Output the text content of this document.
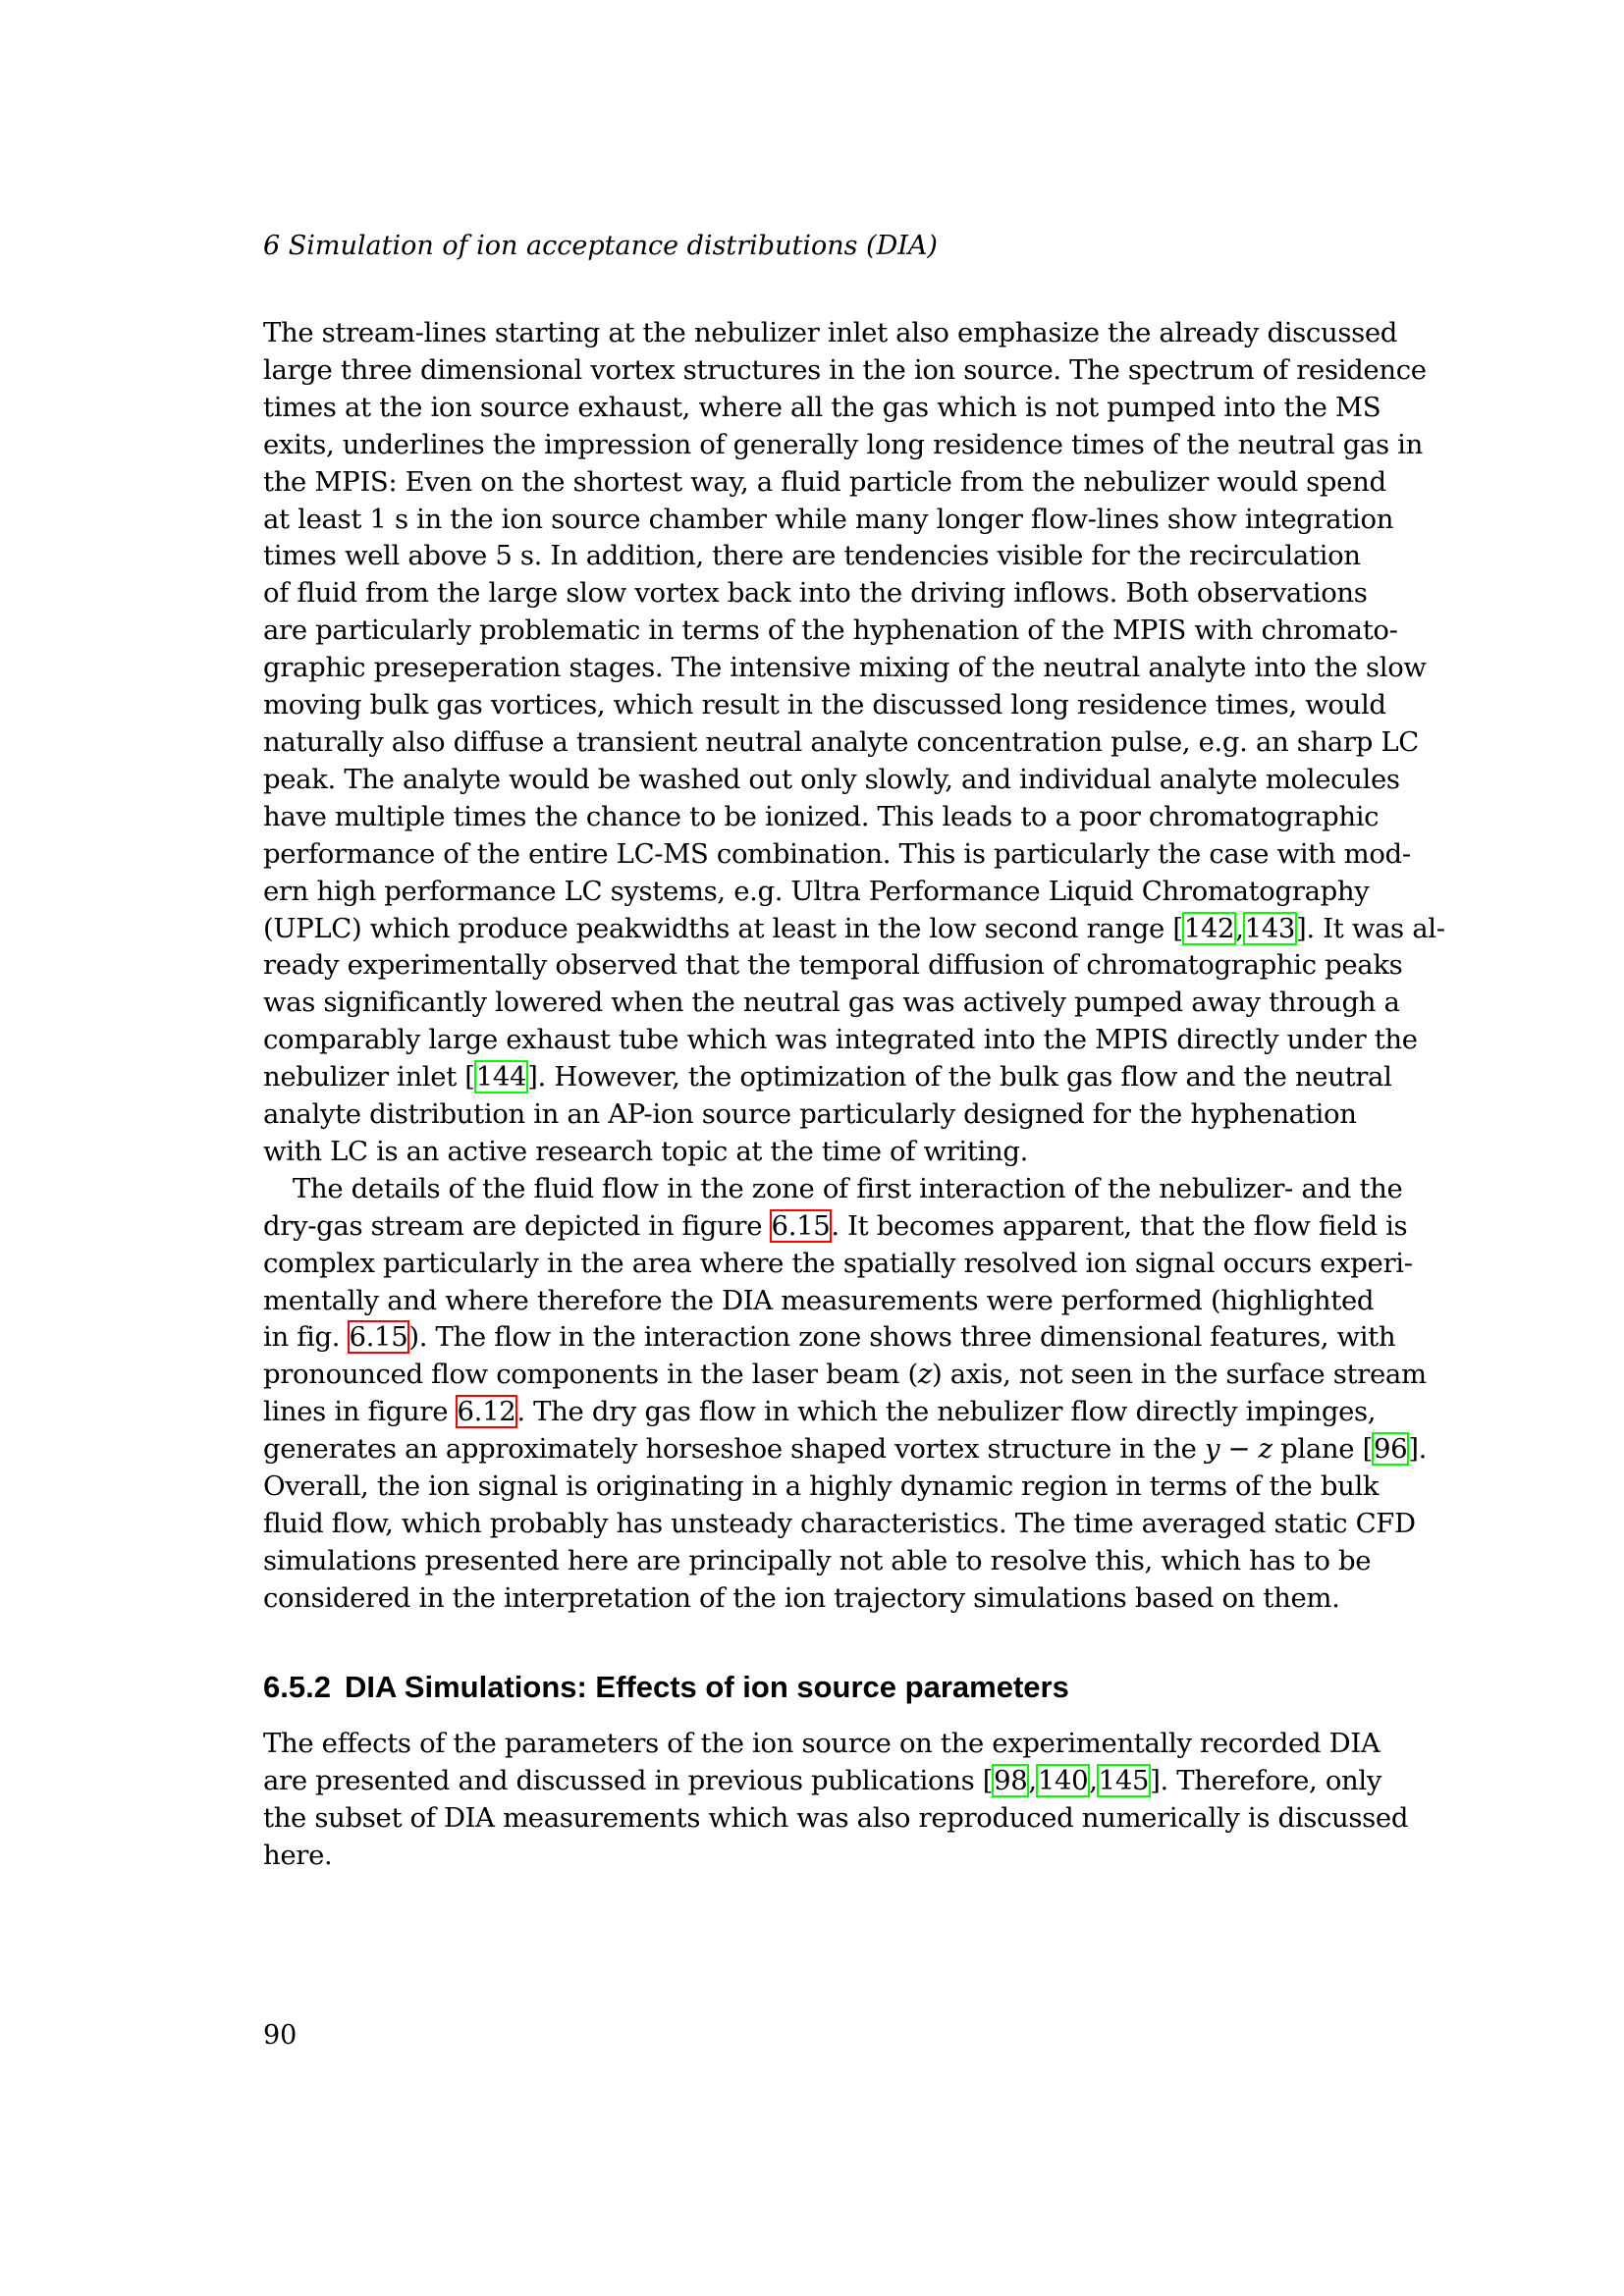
6 Simulation of ion acceptance distributions (DIA)
The stream-lines starting at the nebulizer inlet also emphasize the already discussed
large three dimensional vortex structures in the ion source. The spectrum of residence
times at the ion source exhaust, where all the gas which is not pumped into the MS
exits, underlines the impression of generally long residence times of the neutral gas in
the MPIS: Even on the shortest way, a fluid particle from the nebulizer would spend
at least 1 s in the ion source chamber while many longer flow-lines show integration
times well above 5 s. In addition, there are tendencies visible for the recirculation
of fluid from the large slow vortex back into the driving inflows. Both observations
are particularly problematic in terms of the hyphenation of the MPIS with chromato-
graphic preseperation stages. The intensive mixing of the neutral analyte into the slow
moving bulk gas vortices, which result in the discussed long residence times, would
naturally also diffuse a transient neutral analyte concentration pulse, e.g. an sharp LC
peak. The analyte would be washed out only slowly, and individual analyte molecules
have multiple times the chance to be ionized. This leads to a poor chromatographic
performance of the entire LC-MS combination. This is particularly the case with mod-
ern high performance LC systems, e.g. Ultra Performance Liquid Chromatography
(UPLC) which produce peakwidths at least in the low second range [142,143]. It was al-
ready experimentally observed that the temporal diffusion of chromatographic peaks
was significantly lowered when the neutral gas was actively pumped away through a
comparably large exhaust tube which was integrated into the MPIS directly under the
nebulizer inlet [144]. However, the optimization of the bulk gas flow and the neutral
analyte distribution in an AP-ion source particularly designed for the hyphenation
with LC is an active research topic at the time of writing.
The details of the fluid flow in the zone of first interaction of the nebulizer- and the
dry-gas stream are depicted in figure 6.15. It becomes apparent, that the flow field is
complex particularly in the area where the spatially resolved ion signal occurs experi-
mentally and where therefore the DIA measurements were performed (highlighted
in fig. 6.15). The flow in the interaction zone shows three dimensional features, with
pronounced flow components in the laser beam (z) axis, not seen in the surface stream
lines in figure 6.12. The dry gas flow in which the nebulizer flow directly impinges,
generates an approximately horseshoe shaped vortex structure in the y − z plane [96].
Overall, the ion signal is originating in a highly dynamic region in terms of the bulk
fluid flow, which probably has unsteady characteristics. The time averaged static CFD
simulations presented here are principally not able to resolve this, which has to be
considered in the interpretation of the ion trajectory simulations based on them.
6.5.2 DIA Simulations: Effects of ion source parameters
The effects of the parameters of the ion source on the experimentally recorded DIA
are presented and discussed in previous publications [98,140,145]. Therefore, only
the subset of DIA measurements which was also reproduced numerically is discussed
here.
90
